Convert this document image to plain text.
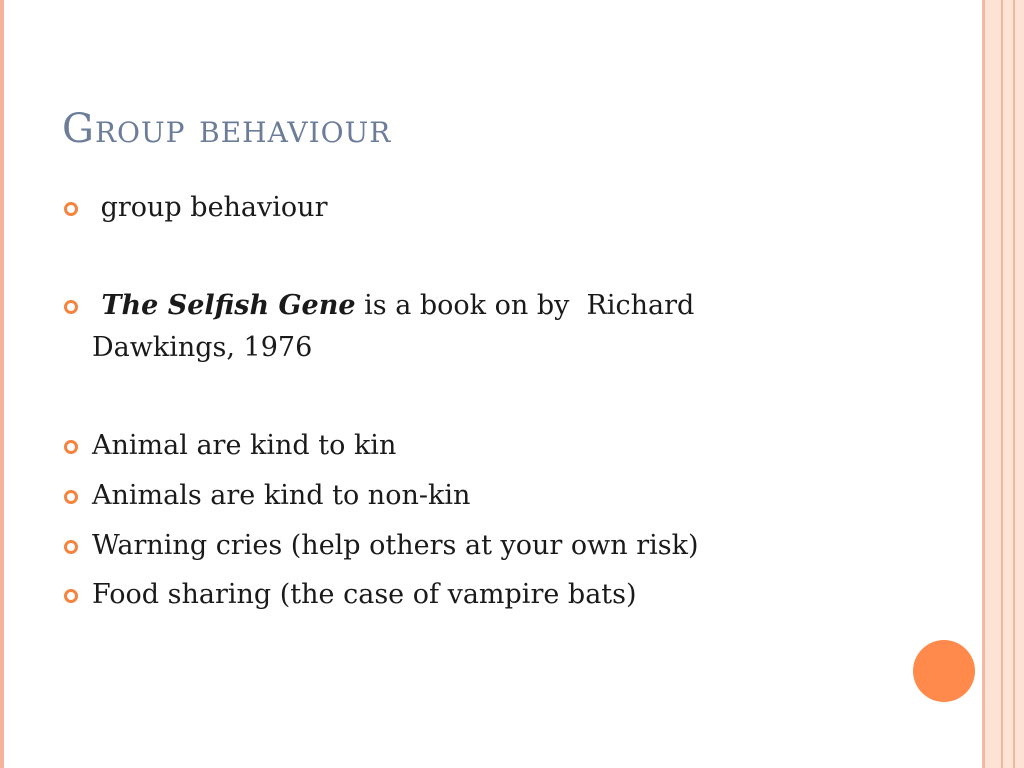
Group behaviour
group behaviour
The Selfish Gene is a book on by  Richard
Dawkings, 1976
Animal are kind to kin
Animals are kind to non-kin
Warning cries (help others at your own risk)
Food sharing (the case of vampire bats)
